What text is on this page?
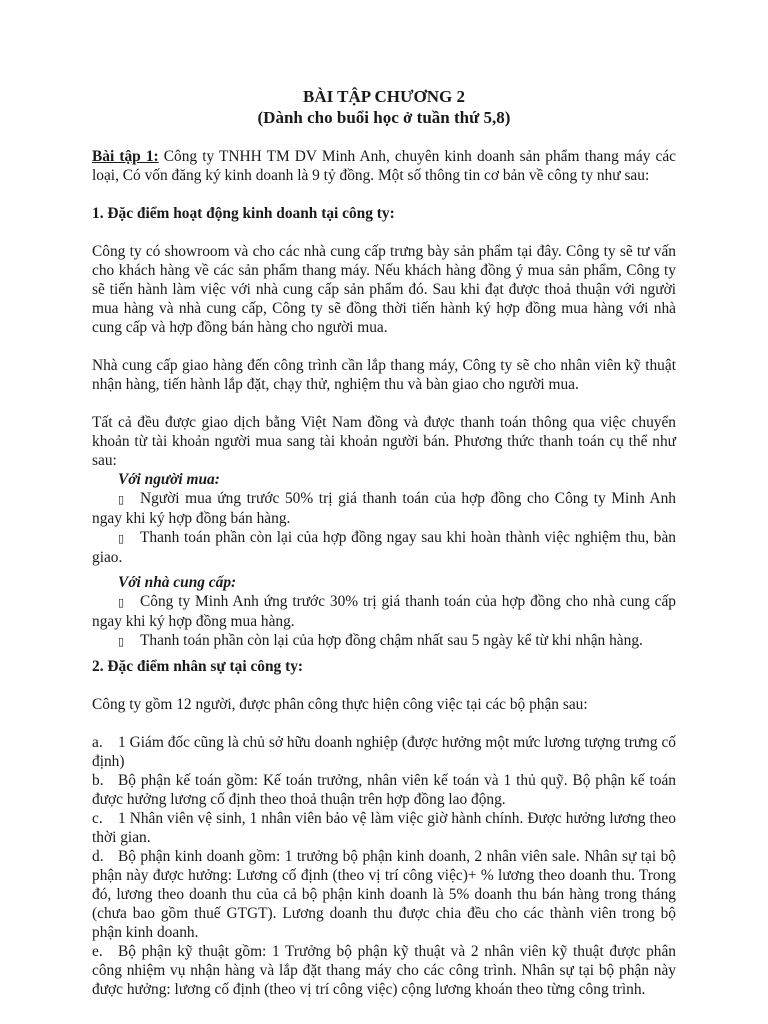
BÀI TẬP CHƯƠNG 2

(Dành cho buổi học ở tuần thứ 5,8)

Bài tập 1: Công ty TNHH TM DV Minh Anh, chuyên kinh doanh sản phẩm thang máy các loại, Có vốn đăng ký kinh doanh là 9 tỷ đồng. Một số thông tin cơ bản về công ty như sau:

1. Đặc điểm hoạt động kinh doanh tại công ty:

Công ty có showroom và cho các nhà cung cấp trưng bày sản phẩm tại đây. Công ty sẽ tư vấn cho khách hàng về các sản phẩm thang máy. Nếu khách hàng đồng ý mua sản phẩm, Công ty sẽ tiến hành làm việc với nhà cung cấp sản phẩm đó. Sau khi đạt được thoả thuận với người mua hàng và nhà cung cấp, Công ty sẽ đồng thời tiến hành ký hợp đồng mua hàng với nhà cung cấp và hợp đồng bán hàng cho người mua.

Nhà cung cấp giao hàng đến công trình cần lắp thang máy, Công ty sẽ cho nhân viên kỹ thuật nhận hàng, tiến hành lắp đặt, chạy thử, nghiệm thu và bàn giao cho người mua.

Tất cả đều được giao dịch bằng Việt Nam đồng và được thanh toán thông qua việc chuyển khoản từ tài khoản người mua sang tài khoản người bán. Phương thức thanh toán cụ thể như sau:

Với người mua:

▯ Người mua ứng trước 50% trị giá thanh toán của hợp đồng cho Công ty Minh Anh ngay khi ký hợp đồng bán hàng.

▯ Thanh toán phần còn lại của hợp đồng ngay sau khi hoàn thành việc nghiệm thu, bàn giao.

Với nhà cung cấp:

▯ Công ty Minh Anh ứng trước 30% trị giá thanh toán của hợp đồng cho nhà cung cấp ngay khi ký hợp đồng mua hàng.

▯ Thanh toán phần còn lại của hợp đồng chậm nhất sau 5 ngày kể từ khi nhận hàng.

2. Đặc điểm nhân sự tại công ty:

Công ty gồm 12 người, được phân công thực hiện công việc tại các bộ phận sau:

a. 1 Giám đốc cũng là chủ sở hữu doanh nghiệp (được hưởng một mức lương tượng trưng cố định)

b. Bộ phận kế toán gồm: Kế toán trưởng, nhân viên kế toán và 1 thủ quỹ. Bộ phận kế toán được hưởng lương cố định theo thoả thuận trên hợp đồng lao động.

c. 1 Nhân viên vệ sinh, 1 nhân viên bảo vệ làm việc giờ hành chính. Được hưởng lương theo thời gian.

d. Bộ phận kinh doanh gồm: 1 trưởng bộ phận kinh doanh, 2 nhân viên sale. Nhân sự tại bộ phận này được hưởng: Lương cố định (theo vị trí công việc)+ % lương theo doanh thu. Trong đó, lương theo doanh thu của cả bộ phận kinh doanh là 5% doanh thu bán hàng trong tháng (chưa bao gồm thuế GTGT). Lương doanh thu được chia đều cho các thành viên trong bộ phận kinh doanh.

e. Bộ phận kỹ thuật gồm: 1 Trưởng bộ phận kỹ thuật và 2 nhân viên kỹ thuật được phân công nhiệm vụ nhận hàng và lắp đặt thang máy cho các công trình. Nhân sự tại bộ phận này được hưởng: lương cố định (theo vị trí công việc) cộng lương khoán theo từng công trình.
